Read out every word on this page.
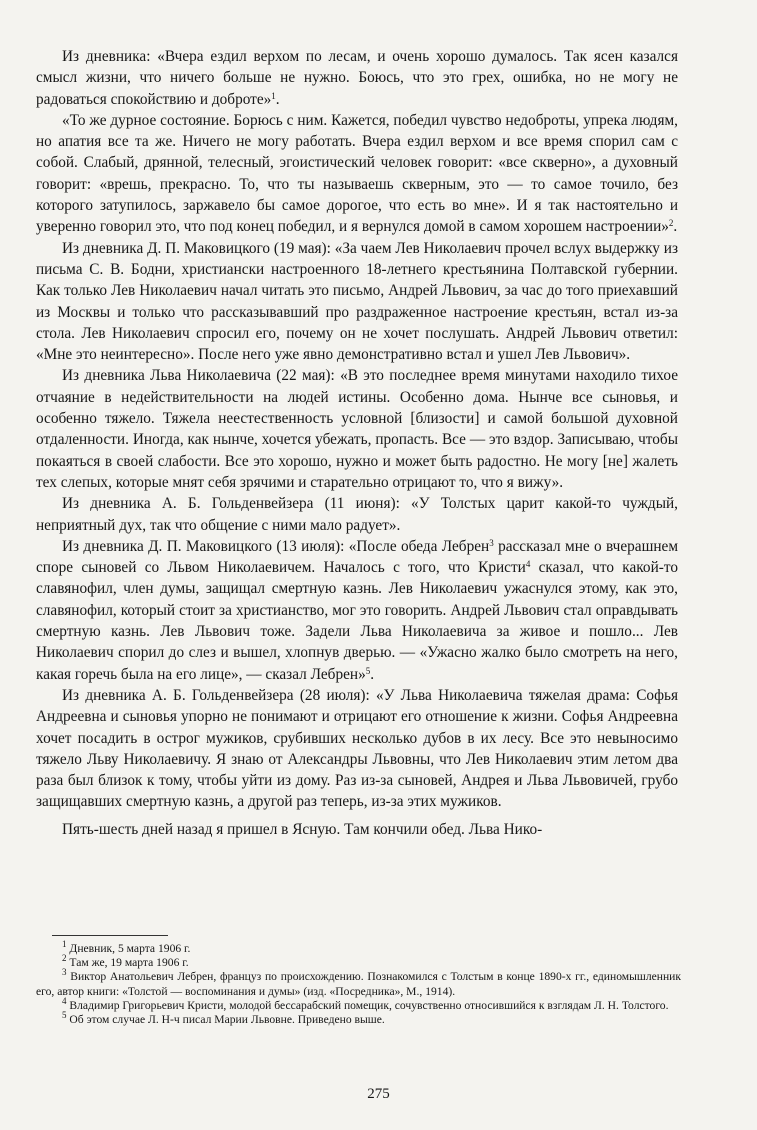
Из дневника: «Вчера ездил верхом по лесам, и очень хорошо думалось. Так ясен казался смысл жизни, что ничего больше не нужно. Боюсь, что это грех, ошибка, но не могу не радоваться спокойствию и доброте»$^1$.

«То же дурное состояние. Борюсь с ним. Кажется, победил чувство недоброты, упрека людям, но апатия все та же. Ничего не могу работать. Вчера ездил верхом и все время спорил сам с собой. Слабый, дрянной, телесный, эгоистический человек говорит: «все скверно», а духовный говорит: «врешь, прекрасно. То, что ты называешь скверным, это — то самое точило, без которого затупилось, заржавело бы самое дорогое, что есть во мне». И я так настоятельно и уверенно говорил это, что под конец победил, и я вернулся домой в самом хорошем настроении»$^2$.

Из дневника Д. П. Маковицкого (19 мая): «За чаем Лев Николаевич прочел вслух выдержку из письма С. В. Бодни, христиански настроенного 18-летнего крестьянина Полтавской губернии. Как только Лев Николаевич начал читать это письмо, Андрей Львович, за час до того приехавший из Москвы и только что рассказывавший про раздраженное настроение крестьян, встал из-за стола. Лев Николаевич спросил его, почему он не хочет послушать. Андрей Львович ответил: «Мне это неинтересно». После него уже явно демонстративно встал и ушел Лев Львович».

Из дневника Льва Николаевича (22 мая): «В это последнее время минутами находило тихое отчаяние в недействительности на людей истины. Особенно дома. Нынче все сыновья, и особенно тяжело. Тяжела неестественность условной [близости] и самой большой духовной отдаленности. Иногда, как нынче, хочется убежать, пропасть. Все — это вздор. Записываю, чтобы покаяться в своей слабости. Все это хорошо, нужно и может быть радостно. Не могу [не] жалеть тех слепых, которые мнят себя зрячими и старательно отрицают то, что я вижу».

Из дневника А. Б. Гольденвейзера (11 июня): «У Толстых царит какой-то чуждый, неприятный дух, так что общение с ними мало радует».

Из дневника Д. П. Маковицкого (13 июля): «После обеда Лебрен$^3$ рассказал мне о вчерашнем споре сыновей со Львом Николаевичем. Началось с того, что Кристи$^4$ сказал, что какой-то славянофил, член думы, защищал смертную казнь. Лев Николаевич ужаснулся этому, как это, славянофил, который стоит за христианство, мог это говорить. Андрей Львович стал оправдывать смертную казнь. Лев Львович тоже. Задели Льва Николаевича за живое и пошло... Лев Николаевич спорил до слез и вышел, хлопнув дверью. — «Ужасно жалко было смотреть на него, какая горечь была на его лице», — сказал Лебрен»$^5$.

Из дневника А. Б. Гольденвейзера (28 июля): «У Льва Николаевича тяжелая драма: Софья Андреевна и сыновья упорно не понимают и отрицают его отношение к жизни. Софья Андреевна хочет посадить в острог мужиков, срубивших несколько дубов в их лесу. Все это невыносимо тяжело Льву Николаевичу. Я знаю от Александры Львовны, что Лев Николаевич этим летом два раза был близок к тому, чтобы уйти из дому. Раз из-за сыновей, Андрея и Льва Львовичей, грубо защищавших смертную казнь, а другой раз теперь, из-за этих мужиков.

Пять-шесть дней назад я пришел в Ясную. Там кончили обед. Льва Нико-

$^1$ Дневник, 5 марта 1906 г.

$^2$ Там же, 19 марта 1906 г.

$^3$ Виктор Анатольевич Лебрен, француз по происхождению. Познакомился с Толстым в конце 1890-х гг., единомышленник его, автор книги: «Толстой — воспоминания и думы» (изд. «Посредника», М., 1914).

$^4$ Владимир Григорьевич Кристи, молодой бессарабский помещик, сочувственно относившийся к взглядам Л. Н. Толстого.

$^5$ Об этом случае Л. Н-ч писал Марии Львовне. Приведено выше.

275
